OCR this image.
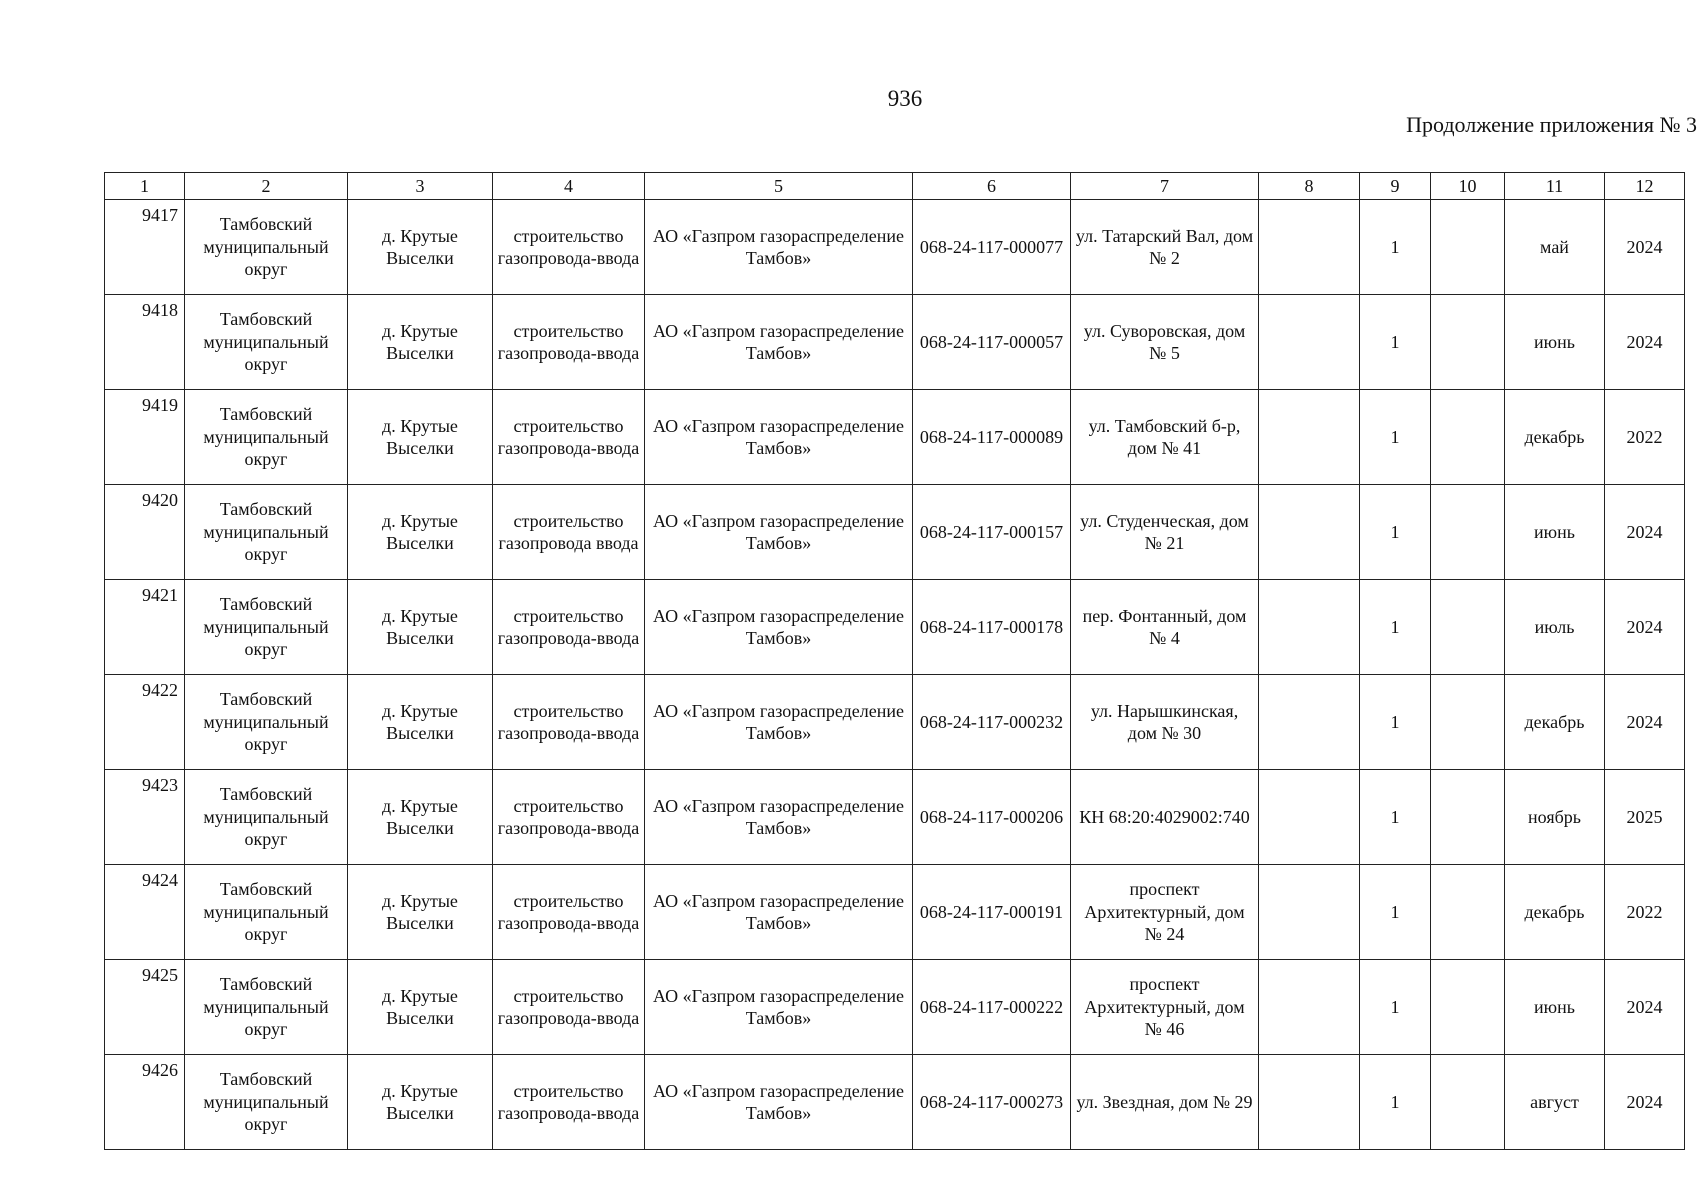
936
Продолжение приложения № 3
1	2	3	4	5	6	7	8	9	10	11	12
9417	Тамбовский муниципальный округ	д. Крутые Выселки	строительство газопровода-ввода	АО «Газпром газораспределение Тамбов»	068-24-117-000077	ул. Татарский Вал, дом № 2		1		май	2024
9418	Тамбовский муниципальный округ	д. Крутые Выселки	строительство газопровода-ввода	АО «Газпром газораспределение Тамбов»	068-24-117-000057	ул. Суворовская, дом № 5		1		июнь	2024
9419	Тамбовский муниципальный округ	д. Крутые Выселки	строительство газопровода-ввода	АО «Газпром газораспределение Тамбов»	068-24-117-000089	ул. Тамбовский б-р, дом № 41		1		декабрь	2022
9420	Тамбовский муниципальный округ	д. Крутые Выселки	строительство газопровода ввода	АО «Газпром газораспределение Тамбов»	068-24-117-000157	ул. Студенческая, дом № 21		1		июнь	2024
9421	Тамбовский муниципальный округ	д. Крутые Выселки	строительство газопровода-ввода	АО «Газпром газораспределение Тамбов»	068-24-117-000178	пер. Фонтанный, дом № 4		1		июль	2024
9422	Тамбовский муниципальный округ	д. Крутые Выселки	строительство газопровода-ввода	АО «Газпром газораспределение Тамбов»	068-24-117-000232	ул. Нарышкинская, дом № 30		1		декабрь	2024
9423	Тамбовский муниципальный округ	д. Крутые Выселки	строительство газопровода-ввода	АО «Газпром газораспределение Тамбов»	068-24-117-000206	КН 68:20:4029002:740		1		ноябрь	2025
9424	Тамбовский муниципальный округ	д. Крутые Выселки	строительство газопровода-ввода	АО «Газпром газораспределение Тамбов»	068-24-117-000191	проспект Архитектурный, дом № 24		1		декабрь	2022
9425	Тамбовский муниципальный округ	д. Крутые Выселки	строительство газопровода-ввода	АО «Газпром газораспределение Тамбов»	068-24-117-000222	проспект Архитектурный, дом № 46		1		июнь	2024
9426	Тамбовский муниципальный округ	д. Крутые Выселки	строительство газопровода-ввода	АО «Газпром газораспределение Тамбов»	068-24-117-000273	ул. Звездная, дом № 29		1		август	2024
